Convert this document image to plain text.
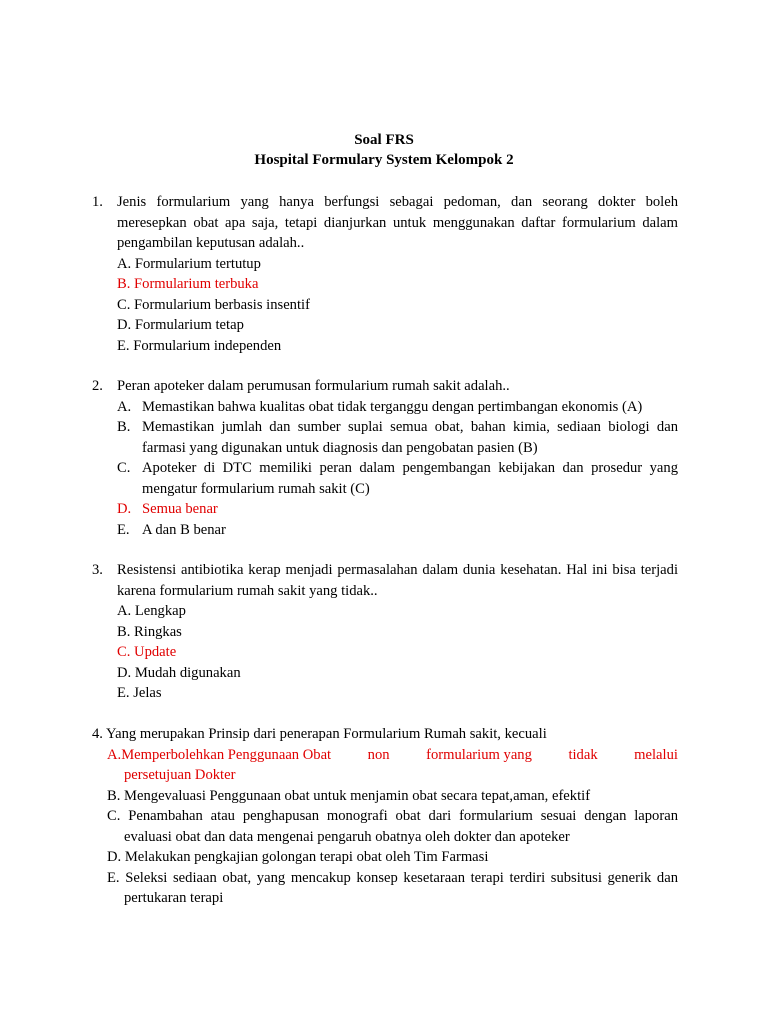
Soal FRS
Hospital Formulary System Kelompok 2
1. Jenis formularium yang hanya berfungsi sebagai pedoman, dan seorang dokter boleh meresepkan obat apa saja, tetapi dianjurkan untuk menggunakan daftar formularium dalam pengambilan keputusan adalah..
A. Formularium tertutup
B. Formularium terbuka
C. Formularium berbasis insentif
D. Formularium tetap
E. Formularium independen
2. Peran apoteker dalam perumusan formularium rumah sakit adalah..
A. Memastikan bahwa kualitas obat tidak terganggu dengan pertimbangan ekonomis (A)
B. Memastikan jumlah dan sumber suplai semua obat, bahan kimia, sediaan biologi dan farmasi yang digunakan untuk diagnosis dan pengobatan pasien (B)
C. Apoteker di DTC memiliki peran dalam pengembangan kebijakan dan prosedur yang mengatur formularium rumah sakit (C)
D. Semua benar
E. A dan B benar
3. Resistensi antibiotika kerap menjadi permasalahan dalam dunia kesehatan. Hal ini bisa terjadi karena formularium rumah sakit yang tidak..
A. Lengkap
B. Ringkas
C. Update
D. Mudah digunakan
E. Jelas
4. Yang merupakan Prinsip dari penerapan Formularium Rumah sakit, kecuali
A.Memperbolehkan Penggunaan Obat	non	formularium yang	tidak	melalui
persetujuan Dokter
B. Mengevaluasi Penggunaan obat untuk menjamin obat secara tepat,aman, efektif
C. Penambahan atau penghapusan monografi obat dari formularium sesuai dengan laporan evaluasi obat dan data mengenai pengaruh obatnya oleh dokter dan apoteker
D. Melakukan pengkajian golongan terapi obat oleh Tim Farmasi
E. Seleksi sediaan obat, yang mencakup konsep kesetaraan terapi terdiri subsitusi generik dan pertukaran terapi
